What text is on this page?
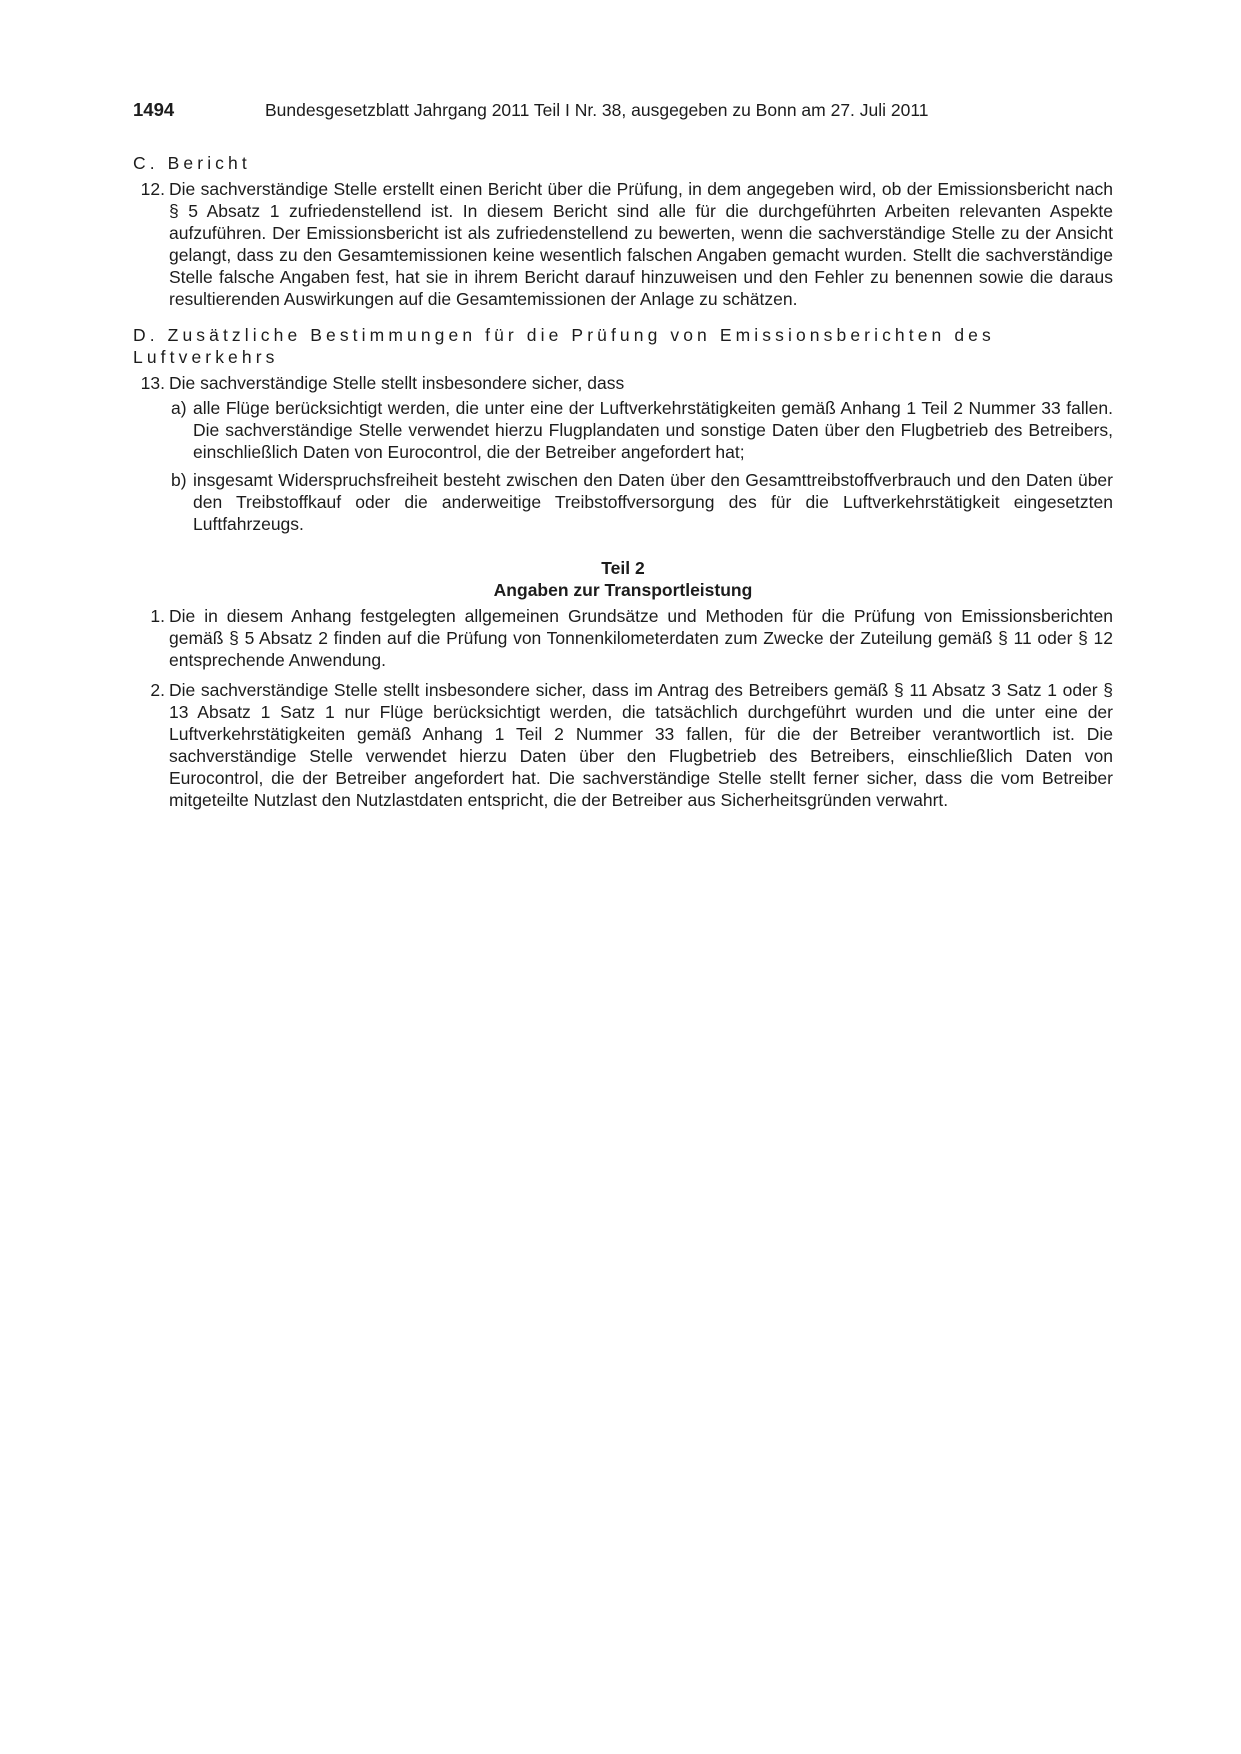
1494	Bundesgesetzblatt Jahrgang 2011 Teil I Nr. 38, ausgegeben zu Bonn am 27. Juli 2011
C. Bericht
12. Die sachverständige Stelle erstellt einen Bericht über die Prüfung, in dem angegeben wird, ob der Emissionsbericht nach § 5 Absatz 1 zufriedenstellend ist. In diesem Bericht sind alle für die durchgeführten Arbeiten relevanten Aspekte aufzuführen. Der Emissionsbericht ist als zufriedenstellend zu bewerten, wenn die sachverständige Stelle zu der Ansicht gelangt, dass zu den Gesamtemissionen keine wesentlich falschen Angaben gemacht wurden. Stellt die sachverständige Stelle falsche Angaben fest, hat sie in ihrem Bericht darauf hinzuweisen und den Fehler zu benennen sowie die daraus resultierenden Auswirkungen auf die Gesamtemissionen der Anlage zu schätzen.
D. Zusätzliche Bestimmungen für die Prüfung von Emissionsberichten des Luftverkehrs
13. Die sachverständige Stelle stellt insbesondere sicher, dass
a) alle Flüge berücksichtigt werden, die unter eine der Luftverkehrstätigkeiten gemäß Anhang 1 Teil 2 Nummer 33 fallen. Die sachverständige Stelle verwendet hierzu Flugplandaten und sonstige Daten über den Flugbetrieb des Betreibers, einschließlich Daten von Eurocontrol, die der Betreiber angefordert hat;
b) insgesamt Widerspruchsfreiheit besteht zwischen den Daten über den Gesamttreibstoffverbrauch und den Daten über den Treibstoffkauf oder die anderweitige Treibstoffversorgung des für die Luftverkehrstätigkeit eingesetzten Luftfahrzeugs.
Teil 2
Angaben zur Transportleistung
1. Die in diesem Anhang festgelegten allgemeinen Grundsätze und Methoden für die Prüfung von Emissionsberichten gemäß § 5 Absatz 2 finden auf die Prüfung von Tonnenkilometerdaten zum Zwecke der Zuteilung gemäß § 11 oder § 12 entsprechende Anwendung.
2. Die sachverständige Stelle stellt insbesondere sicher, dass im Antrag des Betreibers gemäß § 11 Absatz 3 Satz 1 oder § 13 Absatz 1 Satz 1 nur Flüge berücksichtigt werden, die tatsächlich durchgeführt wurden und die unter eine der Luftverkehrstätigkeiten gemäß Anhang 1 Teil 2 Nummer 33 fallen, für die der Betreiber verantwortlich ist. Die sachverständige Stelle verwendet hierzu Daten über den Flugbetrieb des Betreibers, einschließlich Daten von Eurocontrol, die der Betreiber angefordert hat. Die sachverständige Stelle stellt ferner sicher, dass die vom Betreiber mitgeteilte Nutzlast den Nutzlastdaten entspricht, die der Betreiber aus Sicherheitsgründen verwahrt.
